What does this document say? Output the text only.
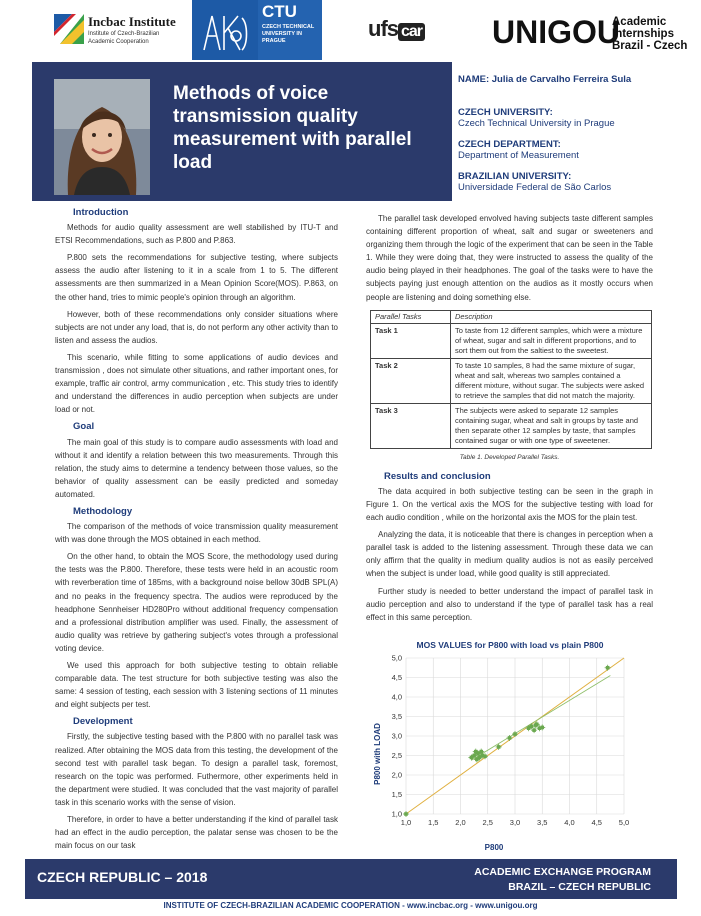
Incbac Institute
Institute of Czech-Brazilian
Academic Cooperation
CTU
CZECH TECHNICAL UNIVERSITY IN PRAGUE	ufs car UNIGOU
Academic
Internships
Brazil - Czech
Methods of voice transmission quality measurement with parallel load
NAME: Julia de Carvalho Ferreira Sula
CZECH UNIVERSITY:
Czech Technical University in Prague
CZECH DEPARTMENT:
Department of Measurement
BRAZILIAN UNIVERSITY:
Universidade Federal de São Carlos
Introduction

Methods for audio quality assessment are well stabilished by ITU-T and ETSI Recommendations, such as P.800 and P.863.

P.800 sets the recommendations for subjective testing, where subjects assess the audio after listening to it in a scale from 1 to 5. The different assessments are then summarized in a Mean Opinion Score(MOS). P.863, on the other hand, tries to mimic people's opinion through an algorithm.

However, both of these recommendations only consider situations where subjects are not under any load, that is, do not perform any other activity than to listen and assess the audios.

This scenario, while fitting to some applications of audio devices and transmission , does not simulate other situations, and rather important ones, for example, traffic air control, army communication , etc. This study tries to identify and understand the differences in audio perception when subjects are under load or not.

Goal

The main goal of this study is to compare audio assessments with load and without it and identify a relation between this two measurements. Through this relation, the study aims to determine a tendency between those values, so the behavior of quality assessment can be easily predicted and someday automated.

Methodology

The comparison of the methods of voice transmission quality measurement with was done through the MOS obtained in each method.

On the other hand, to obtain the MOS Score, the methodology used during the tests was the P.800. Therefore, these tests were held in an acoustic room with reverberation time of 185ms, with a background noise bellow 30dB SPL(A) and no peaks in the frequency spectra. The audios were reproduced by the headphone Sennheiser HD280Pro without additional frequency compensation and a professional distribution amplifier was used. Finally, the assessment of audio quality was retrieve by gathering subject's votes through a professional voting device.

We used this approach for both subjective testing to obtain reliable comparable data. The test structure for both subjective testing was also the same: 4 session of testing, each session with 3 listening sections of 11 minutes and eight subjects per test.

Development

Firstly, the subjective testing based with the P.800 with no parallel task was realized. After obtaining the MOS data from this testing, the development of the second test with parallel task began. To design a parallel task, foremost, research on the topic was performed. Futhermore, other experiments held in the department were studied. It was concluded that the vast majority of parallel task in this scenario works with the sense of vision.

Therefore, in order to have a better understanding if the kind of parallel task had an effect in the audio perception, the palatar sense was chosen to be the main focus on our task

The parallel task developed envolved having subjects taste different samples containing different proportion of wheat, salt and sugar or sweeteners and organizing them through the logic of the experiment that can be seen in the Table 1. While they were doing that, they were instructed to assess the quality of the audio being played in their headphones. The goal of the tasks were to have the subjects paying just enough attention on the audios as it mostly occurs when people are listening and doing something else.

Parallel Tasks	Description
Task 1	To taste from 12 different samples, which were a mixture of wheat, sugar and salt in different proportions, and to sort them out from the saltiest to the sweetest.
Task 2	To taste 10 samples, 8 had the same mixture of sugar, wheat and salt, whereas two samples contained a different mixture, without sugar. The subjects were asked to retrieve the samples that did not match the majority.
Task 3	The subjects were asked to separate 12 samples containing sugar, wheat and salt in groups by taste and then separate other 12 samples by taste, that samples contained sugar or with one type of sweetener.
Table 1. Developed Parallel Tasks.
Results and conclusion

The data acquired in both subjective testing can be seen in the graph in Figure 1. On the vertical axis the MOS for the subjective testing with load for each audio condition , while on the horizontal axis the MOS for the plain test.

Analyzing the data, it is noticeable that there is changes in perception when a parallel task is added to the listening assessment. Through these data we can only affirm that the quality in medium quality audios is not as easily perceived when the subject is under load, while good quality is still appreciated.

Further study is needed to better understand the impact of parallel task in audio perception and also to understand if the type of parallel task has a real effect in this same perception.

MOS VALUES for P800 with load vs plain P800
P800
P800 with LOAD
1,0 1,5 2,0 2,5 3,0 3,5 4,0 4,5 5,0
1,0
1,5
2,0
2,5
3,0
3,5
4,0
4,5
5,0
CZECH REPUBLIC – 2018	ACADEMIC EXCHANGE PROGRAM
BRAZIL – CZECH REPUBLIC
INSTITUTE OF CZECH-BRAZILIAN ACADEMIC COOPERATION - www.incbac.org - www.unigou.org
